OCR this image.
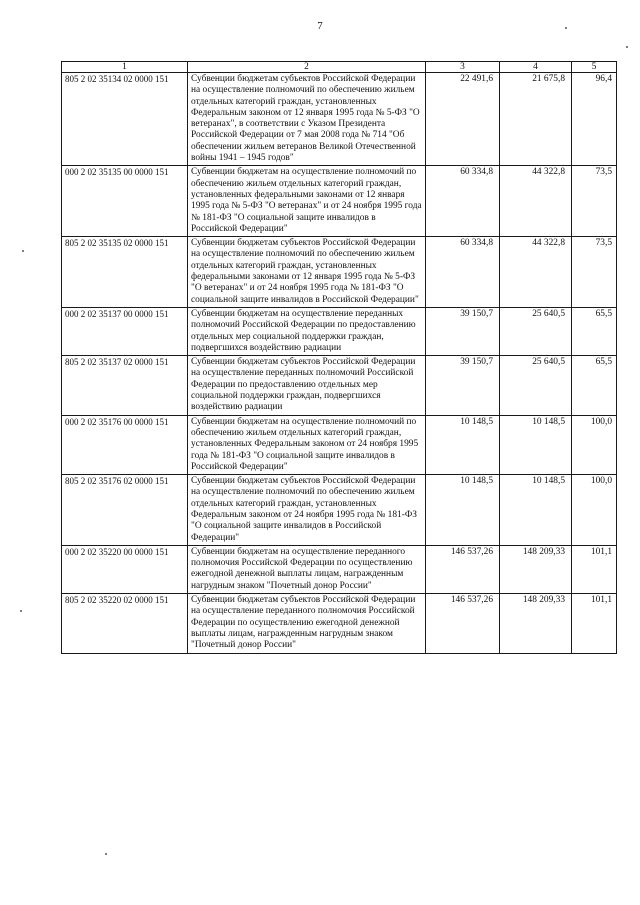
7
1	2	3	4	5
805 2 02 35134 02 0000 151	Субвенции бюджетам субъектов Российской Федерации на осуществление полномочий по обеспечению жильем отдельных категорий граждан, установленных Федеральным законом от 12 января 1995 года № 5-ФЗ "О ветеранах", в соответствии с Указом Президента Российской Федерации от 7 мая 2008 года № 714 "Об обеспечении жильем ветеранов Великой Отечественной войны 1941 – 1945 годов"	22 491,6	21 675,8	96,4
000 2 02 35135 00 0000 151	Субвенции бюджетам на осуществление полномочий по обеспечению жильем отдельных категорий граждан, установленных федеральными законами от 12 января 1995 года № 5-ФЗ "О ветеранах" и от 24 ноября 1995 года № 181-ФЗ "О социальной защите инвалидов в Российской Федерации"	60 334,8	44 322,8	73,5
805 2 02 35135 02 0000 151	Субвенции бюджетам субъектов Российской Федерации на осуществление полномочий по обеспечению жильем отдельных категорий граждан, установленных федеральными законами от 12 января 1995 года № 5-ФЗ "О ветеранах" и от 24 ноября 1995 года № 181-ФЗ "О социальной защите инвалидов в Российской Федерации"	60 334,8	44 322,8	73,5
000 2 02 35137 00 0000 151	Субвенции бюджетам на осуществление переданных полномочий Российской Федерации по предоставлению отдельных мер социальной поддержки граждан, подвергшихся воздействию радиации	39 150,7	25 640,5	65,5
805 2 02 35137 02 0000 151	Субвенции бюджетам субъектов Российской Федерации на осуществление переданных полномочий Российской Федерации по предоставлению отдельных мер социальной поддержки граждан, подвергшихся воздействию радиации	39 150,7	25 640,5	65,5
000 2 02 35176 00 0000 151	Субвенции бюджетам на осуществление полномочий по обеспечению жильем отдельных категорий граждан, установленных Федеральным законом от 24 ноября 1995 года № 181-ФЗ "О социальной защите инвалидов в Российской Федерации"	10 148,5	10 148,5	100,0
805 2 02 35176 02 0000 151	Субвенции бюджетам субъектов Российской Федерации на осуществление полномочий по обеспечению жильем отдельных категорий граждан, установленных Федеральным законом от 24 ноября 1995 года № 181-ФЗ "О социальной защите инвалидов в Российской Федерации"	10 148,5	10 148,5	100,0
000 2 02 35220 00 0000 151	Субвенции бюджетам на осуществление переданного полномочия Российской Федерации по осуществлению ежегодной денежной выплаты лицам, награжденным нагрудным знаком "Почетный донор России"	146 537,26	148 209,33	101,1
805 2 02 35220 02 0000 151	Субвенции бюджетам субъектов Российской Федерации на осуществление переданного полномочия Российской Федерации по осуществлению ежегодной денежной выплаты лицам, награжденным нагрудным знаком "Почетный донор России"	146 537,26	148 209,33	101,1
